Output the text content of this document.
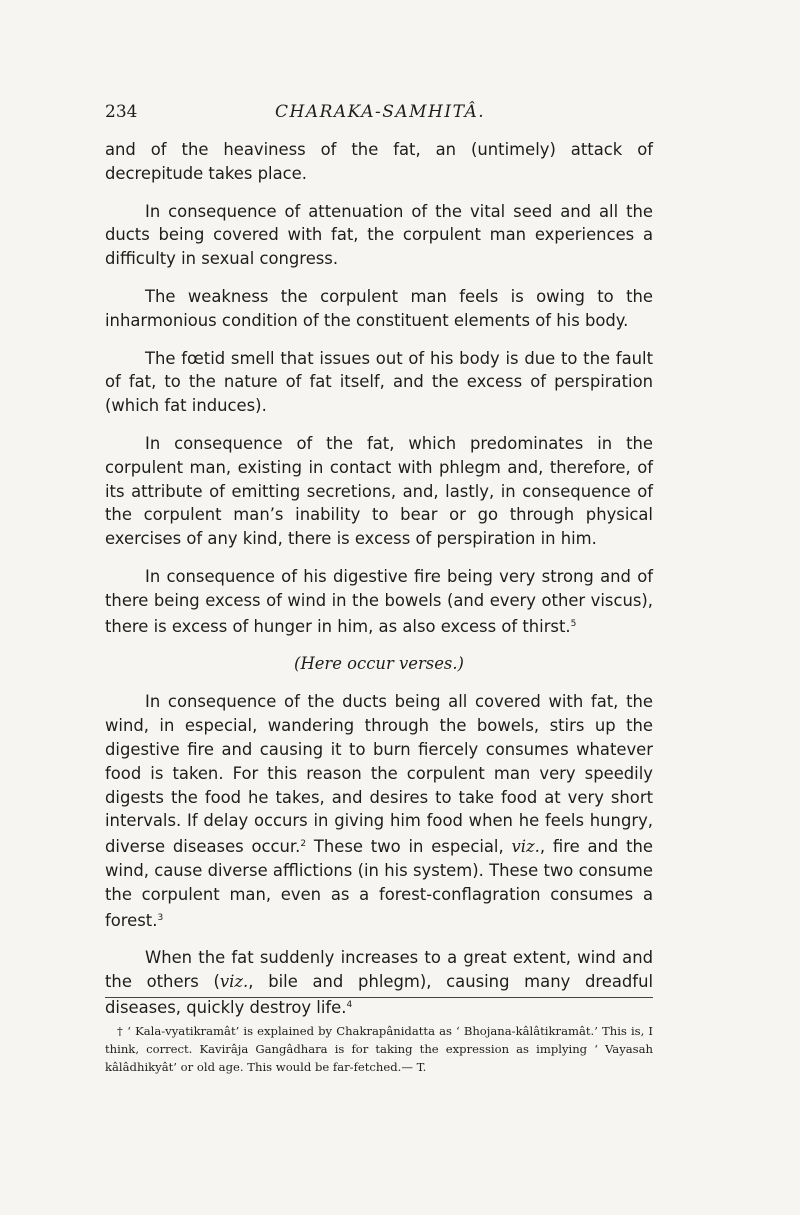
234	CHARAKA-SAMHITÂ.

and of the heaviness of the fat, an (untimely) attack of decrepitude takes place.

In consequence of attenuation of the vital seed and all the ducts being covered with fat, the corpulent man experiences a difficulty in sexual congress.

The weakness the corpulent man feels is owing to the inharmonious condition of the constituent elements of his body.

The fœtid smell that issues out of his body is due to the fault of fat, to the nature of fat itself, and the excess of perspiration (which fat induces).

In consequence of the fat, which predominates in the corpulent man, existing in contact with phlegm and, therefore, of its attribute of emitting secretions, and, lastly, in consequence of the corpulent man’s inability to bear or go through physical exercises of any kind, there is excess of perspiration in him.

In consequence of his digestive fire being very strong and of there being excess of wind in the bowels (and every other viscus), there is excess of hunger in him, as also excess of thirst.$^5$

(Here occur verses.)

In consequence of the ducts being all covered with fat, the wind, in especial, wandering through the bowels, stirs up the digestive fire and causing it to burn fiercely consumes whatever food is taken. For this reason the corpulent man very speedily digests the food he takes, and desires to take food at very short intervals. If delay occurs in giving him food when he feels hungry, diverse diseases occur.$^2$ These two in especial, viz., fire and the wind, cause diverse afflictions (in his system). These two consume the corpulent man, even as a forest-conflagration consumes a forest.$^3$

When the fat suddenly increases to a great extent, wind and the others (viz., bile and phlegm), causing many dreadful diseases, quickly destroy life.$^4$

† ‘ Kala-vyatikramât’ is explained by Chakrapânidatta as ‘ Bhojana-kâlâtikramât.’ This is, I think, correct. Kavirâja Gangâdhara is for taking the expression as implying ‘ Vayasah kâlâdhikyât’ or old age. This would be far-fetched.— T.
